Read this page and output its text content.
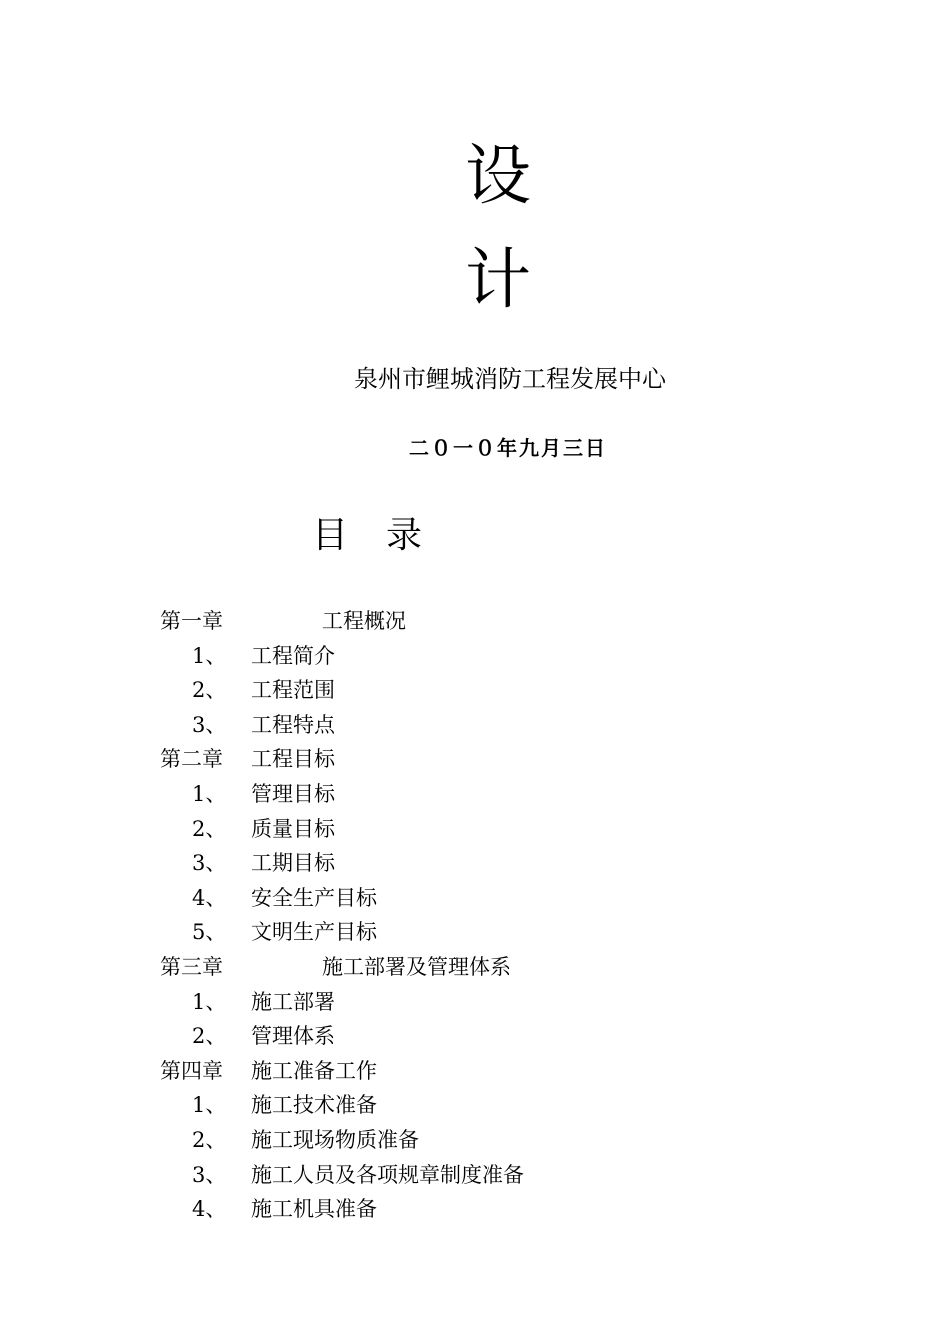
设
计
泉州市鲤城消防工程发展中心
二０一０年九月三日
目 录
第一章	工程概况
1、 工程简介
2、 工程范围
3、 工程特点
第二章 工程目标
1、 管理目标
2、 质量目标
3、 工期目标
4、 安全生产目标
5、 文明生产目标
第三章	施工部署及管理体系
1、 施工部署
2、 管理体系
第四章 施工准备工作
1、 施工技术准备
2、 施工现场物质准备
3、 施工人员及各项规章制度准备
4、 施工机具准备
